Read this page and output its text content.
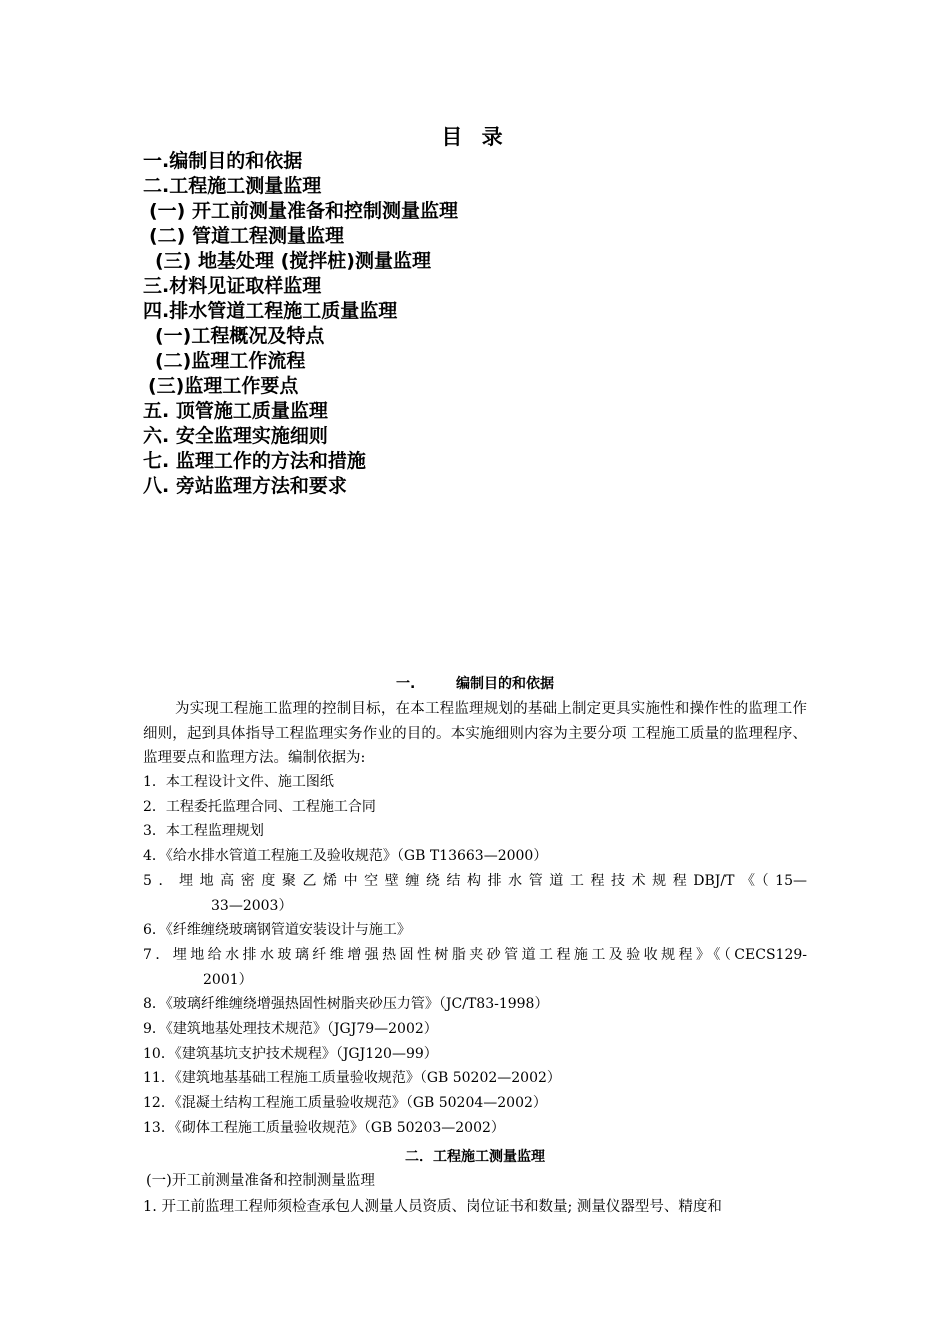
目 录
一.编制目的和依据
二.工程施工测量监理
(一) 开工前测量准备和控制测量监理
(二) 管道工程测量监理
(三) 地基处理 (搅拌桩)测量监理
三.材料见证取样监理
四.排水管道工程施工质量监理
(一)工程概况及特点
(二)监理工作流程
(三)监理工作要点
五. 顶管施工质量监理
六. 安全监理实施细则
七. 监理工作的方法和措施
八. 旁站监理方法和要求
一.	编制目的和依据
为实现工程施工监理的控制目标，在本工程监理规划的基础上制定更具实施性和操作性的监理工作细则，起到具体指导工程监理实务作业的目的。本实施细则内容为主要分项 工程施工质量的监理程序、监理要点和监理方法。编制依据为:
1．本工程设计文件、施工图纸
2．工程委托监理合同、工程施工合同
3．本工程监理规划
4．《给水排水管道工程施工及验收规范》（GB T13663—2000）
5．埋地高密度聚乙烯中空壁缠绕结构排水管道工程技术规程DBJ/T《（15—
33—2003）
6．《纤维缠绕玻璃钢管道安装设计与施工》
7．埋地给水排水玻璃纤维增强热固性树脂夹砂管道工程施工及验收规程》《（CECS129-
2001）
8．《玻璃纤维缠绕增强热固性树脂夹砂压力管》（JC/T83-1998）
9．《建筑地基处理技术规范》（JGJ79—2002）
10．《建筑基坑支护技术规程》（JGJ120—99）
11．《建筑地基基础工程施工质量验收规范》（GB 50202—2002）
12．《混凝土结构工程施工质量验收规范》（GB 50204—2002）
13．《砌体工程施工质量验收规范》（GB 50203—2002）
二．工程施工测量监理
(一)开工前测量准备和控制测量监理
1. 开工前监理工程师须检查承包人测量人员资质、岗位证书和数量; 测量仪器型号、精度和
